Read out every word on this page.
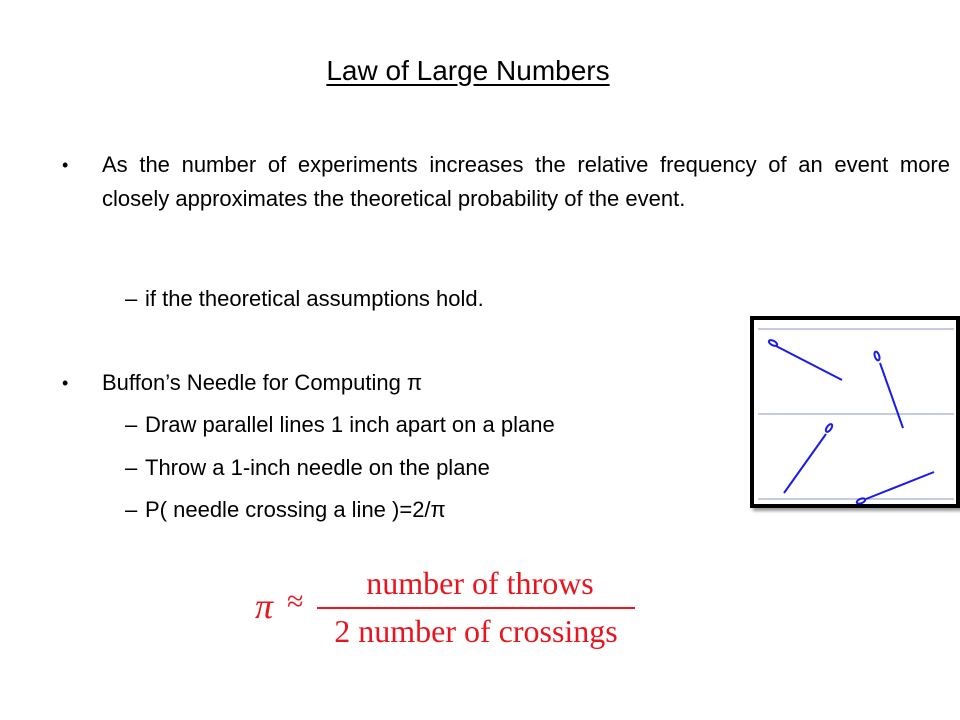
Law of Large Numbers
• As the number of experiments increases the relative frequency of an event more closely approximates the theoretical probability of the event.
– if the theoretical assumptions hold.
• Buffon’s Needle for Computing π
– Draw parallel lines 1 inch apart on a plane
– Throw a 1-inch needle on the plane
– P( needle crossing a line )=2/π
π ≈
number of throws
2 number of crossings
